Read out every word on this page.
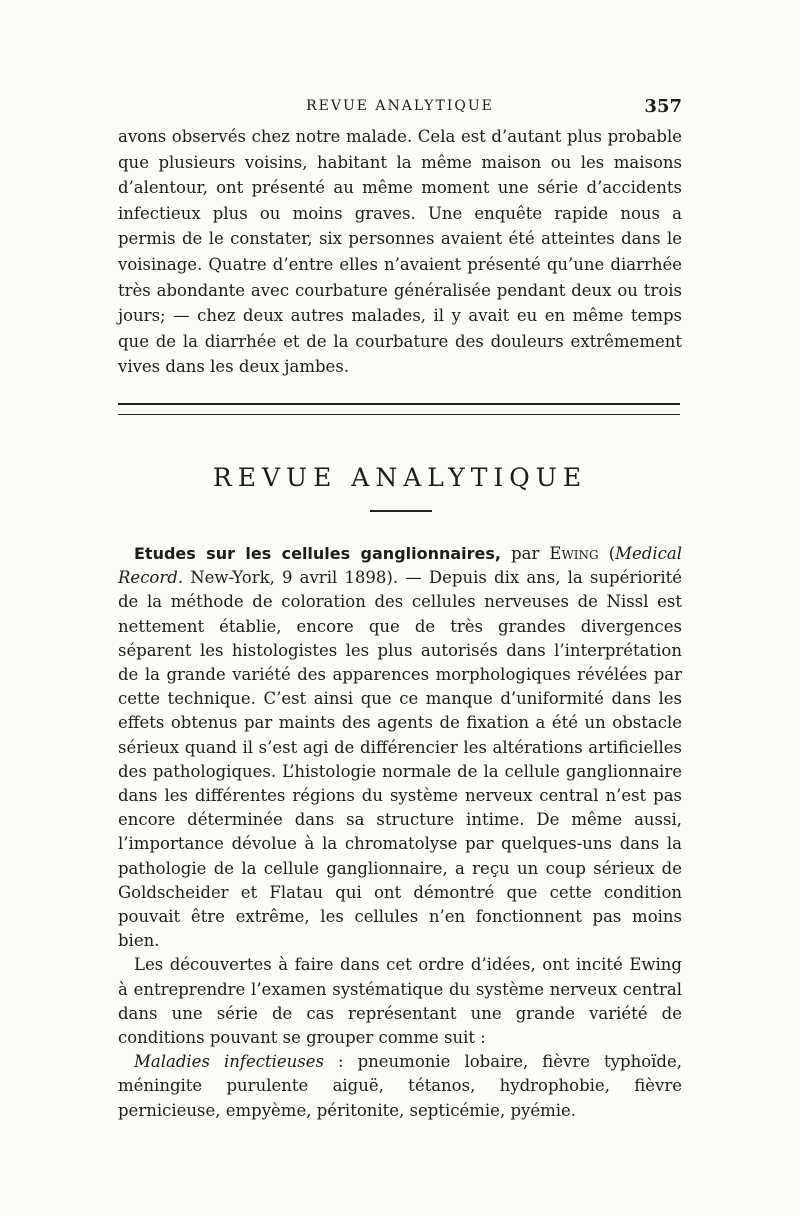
REVUE ANALYTIQUE	357

avons observés chez notre malade. Cela est d’autant plus probable que plusieurs voisins, habitant la même maison ou les maisons d’alentour, ont présenté au même moment une série d’accidents infectieux plus ou moins graves. Une enquête rapide nous a permis de le constater, six personnes avaient été atteintes dans le voisinage. Quatre d’entre elles n’avaient présenté qu’une diarrhée très abondante avec courbature généralisée pendant deux ou trois jours; — chez deux autres malades, il y avait eu en même temps que de la diarrhée et de la courbature des douleurs extrêmement vives dans les deux jambes.

REVUE ANALYTIQUE

Etudes sur les cellules ganglionnaires, par Ewing (Medical Record. New-York, 9 avril 1898). — Depuis dix ans, la supériorité de la méthode de coloration des cellules nerveuses de Nissl est nettement établie, encore que de très grandes divergences séparent les histologistes les plus autorisés dans l’interprétation de la grande variété des apparences morphologiques révélées par cette technique. C’est ainsi que ce manque d’uniformité dans les effets obtenus par maints des agents de fixation a été un obstacle sérieux quand il s’est agi de différencier les altérations artificielles des pathologiques. L’histologie normale de la cellule ganglionnaire dans les différentes régions du système nerveux central n’est pas encore déterminée dans sa structure intime. De même aussi, l’importance dévolue à la chromatolyse par quelques-uns dans la pathologie de la cellule ganglionnaire, a reçu un coup sérieux de Goldscheider et Flatau qui ont démontré que cette condition pouvait être extrême, les cellules n’en fonctionnent pas moins bien.

Les découvertes à faire dans cet ordre d’idées, ont incité Ewing à entreprendre l’examen systématique du système nerveux central dans une série de cas représentant une grande variété de conditions pouvant se grouper comme suit :

Maladies infectieuses : pneumonie lobaire, fièvre typhoïde, méningite purulente aiguë, tétanos, hydrophobie, fièvre pernicieuse, empyème, péritonite, septicémie, pyémie.
